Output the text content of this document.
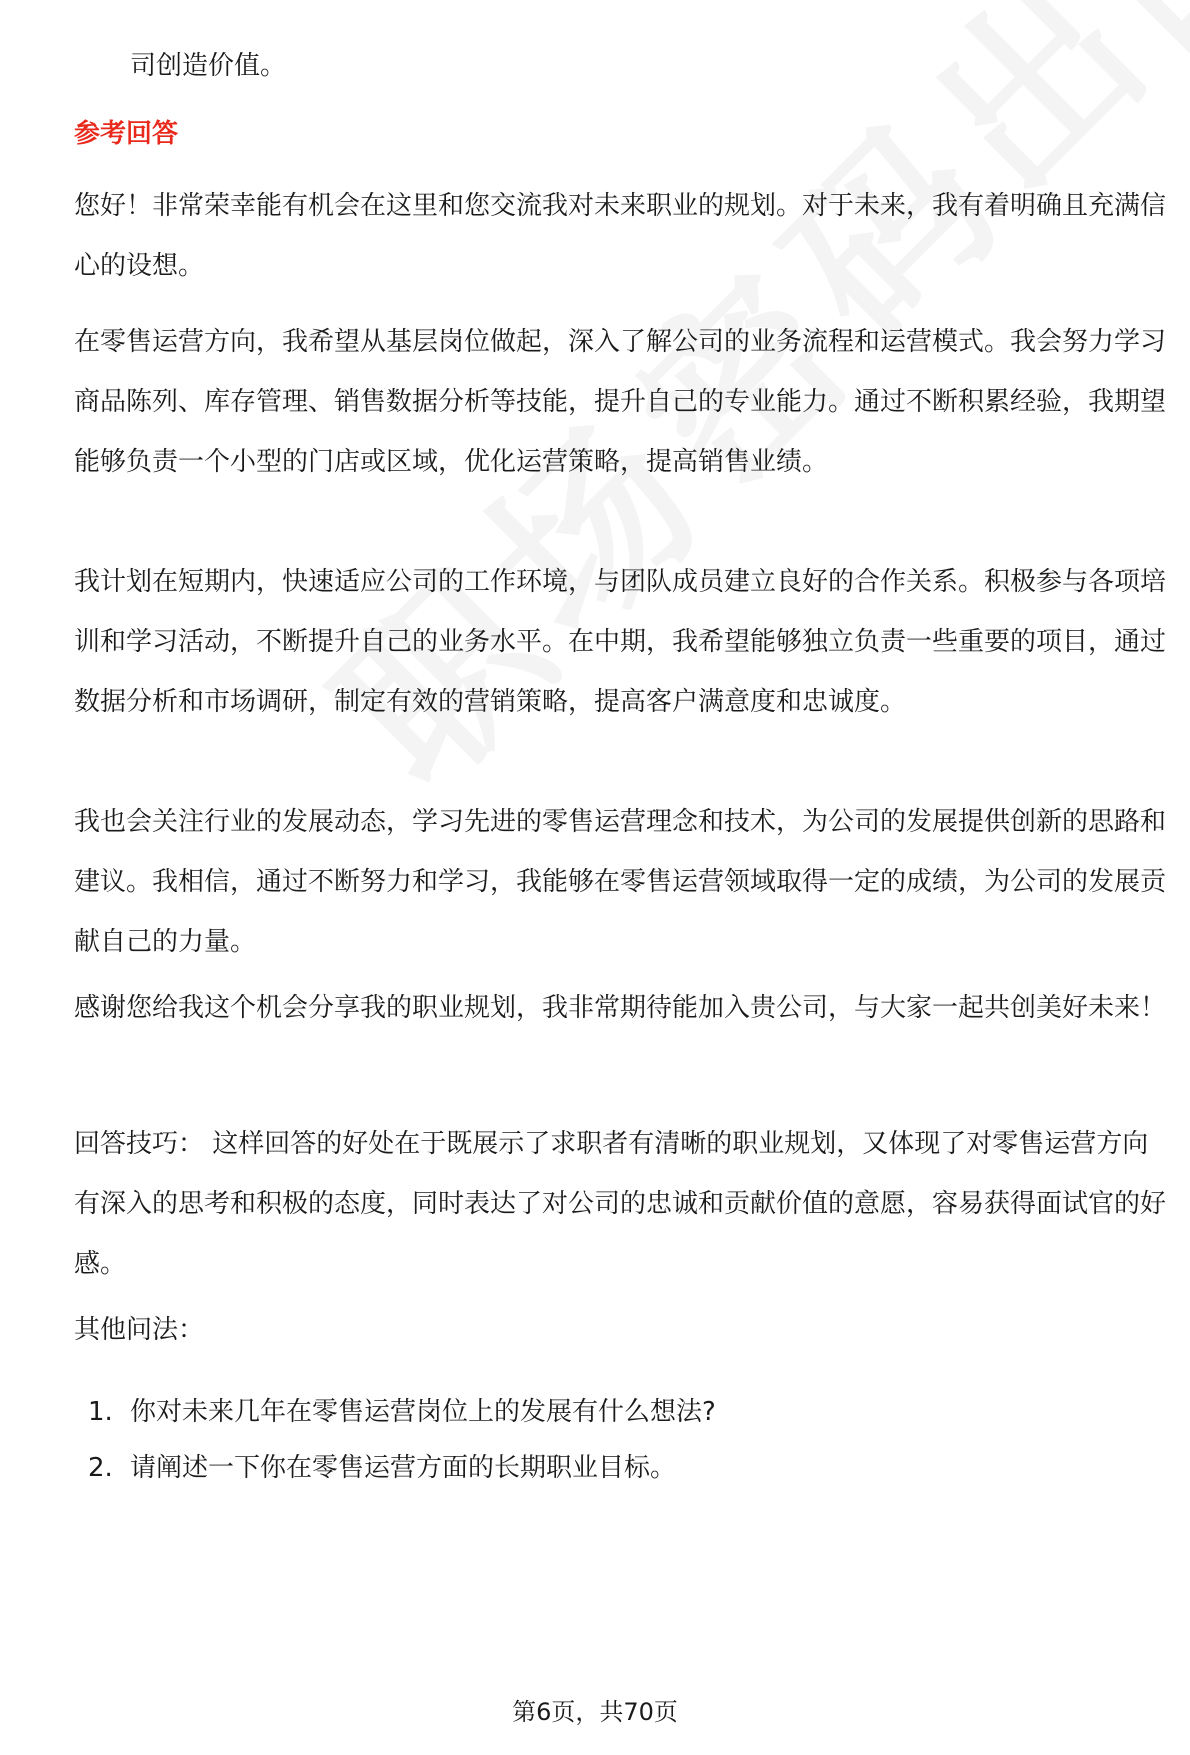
司创造价值。
参考回答
您好！非常荣幸能有机会在这里和您交流我对未来职业的规划。对于未来，我有着明确且充满信心的设想。
在零售运营方向，我希望从基层岗位做起，深入了解公司的业务流程和运营模式。我会努力学习商品陈列、库存管理、销售数据分析等技能，提升自己的专业能力。通过不断积累经验，我期望能够负责一个小型的门店或区域，优化运营策略，提高销售业绩。
我计划在短期内，快速适应公司的工作环境，与团队成员建立良好的合作关系。积极参与各项培训和学习活动，不断提升自己的业务水平。在中期，我希望能够独立负责一些重要的项目，通过数据分析和市场调研，制定有效的营销策略，提高客户满意度和忠诚度。
我也会关注行业的发展动态，学习先进的零售运营理念和技术，为公司的发展提供创新的思路和建议。我相信，通过不断努力和学习，我能够在零售运营领域取得一定的成绩，为公司的发展贡献自己的力量。
感谢您给我这个机会分享我的职业规划，我非常期待能加入贵公司，与大家一起共创美好未来！
回答技巧： 这样回答的好处在于既展示了求职者有清晰的职业规划，又体现了对零售运营方向有深入的思考和积极的态度，同时表达了对公司的忠诚和贡献价值的意愿，容易获得面试官的好感。
其他问法：
1. 你对未来几年在零售运营岗位上的发展有什么想法?
2. 请阐述一下你在零售运营方面的长期职业目标。
第6页，共70页
